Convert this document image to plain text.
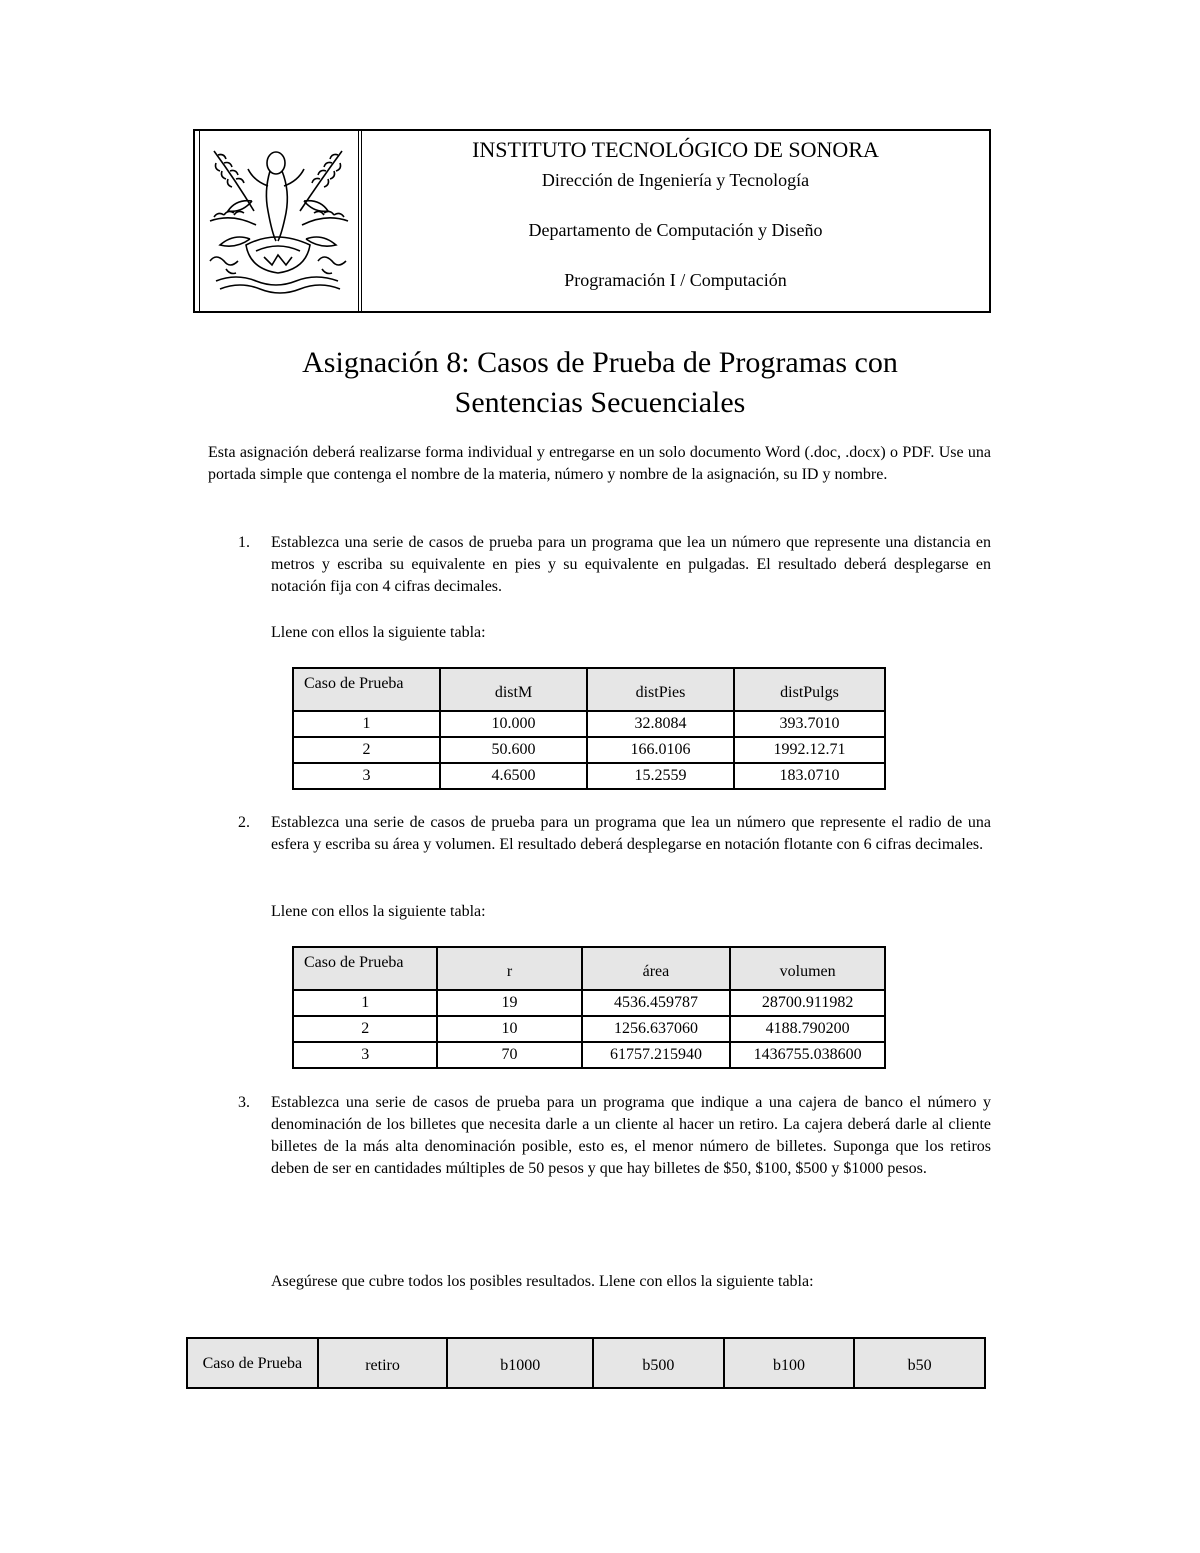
INSTITUTO TECNOLÓGICO DE SONORA
Dirección de Ingeniería y Tecnología
Departamento de Computación y Diseño
Programación I / Computación
Asignación 8: Casos de Prueba de Programas con
Sentencias Secuenciales
Esta asignación deberá realizarse forma individual y entregarse en un solo documento Word (.doc, .docx) o PDF. Use una portada simple que contenga el nombre de la materia, número y nombre de la asignación, su ID y nombre.
1. Establezca una serie de casos de prueba para un programa que lea un número que represente una distancia en metros y escriba su equivalente en pies y su equivalente en pulgadas. El resultado deberá desplegarse en notación fija con 4 cifras decimales.
Llene con ellos la siguiente tabla:
Caso de Prueba	distM	distPies	distPulgs
1	10.000	32.8084	393.7010
2	50.600	166.0106	1992.12.71
3	4.6500	15.2559	183.0710
2. Establezca una serie de casos de prueba para un programa que lea un número que represente el radio de una esfera y escriba su área y volumen. El resultado deberá desplegarse en notación flotante con 6 cifras decimales.
Llene con ellos la siguiente tabla:
Caso de Prueba	r	área	volumen
1	19	4536.459787	28700.911982
2	10	1256.637060	4188.790200
3	70	61757.215940	1436755.038600
3. Establezca una serie de casos de prueba para un programa que indique a una cajera de banco el número y denominación de los billetes que necesita darle a un cliente al hacer un retiro. La cajera deberá darle al cliente billetes de la más alta denominación posible, esto es, el menor número de billetes. Suponga que los retiros deben de ser en cantidades múltiples de 50 pesos y que hay billetes de $50, $100, $500 y $1000 pesos.
Asegúrese que cubre todos los posibles resultados. Llene con ellos la siguiente tabla:
Caso de Prueba	retiro	b1000	b500	b100	b50
